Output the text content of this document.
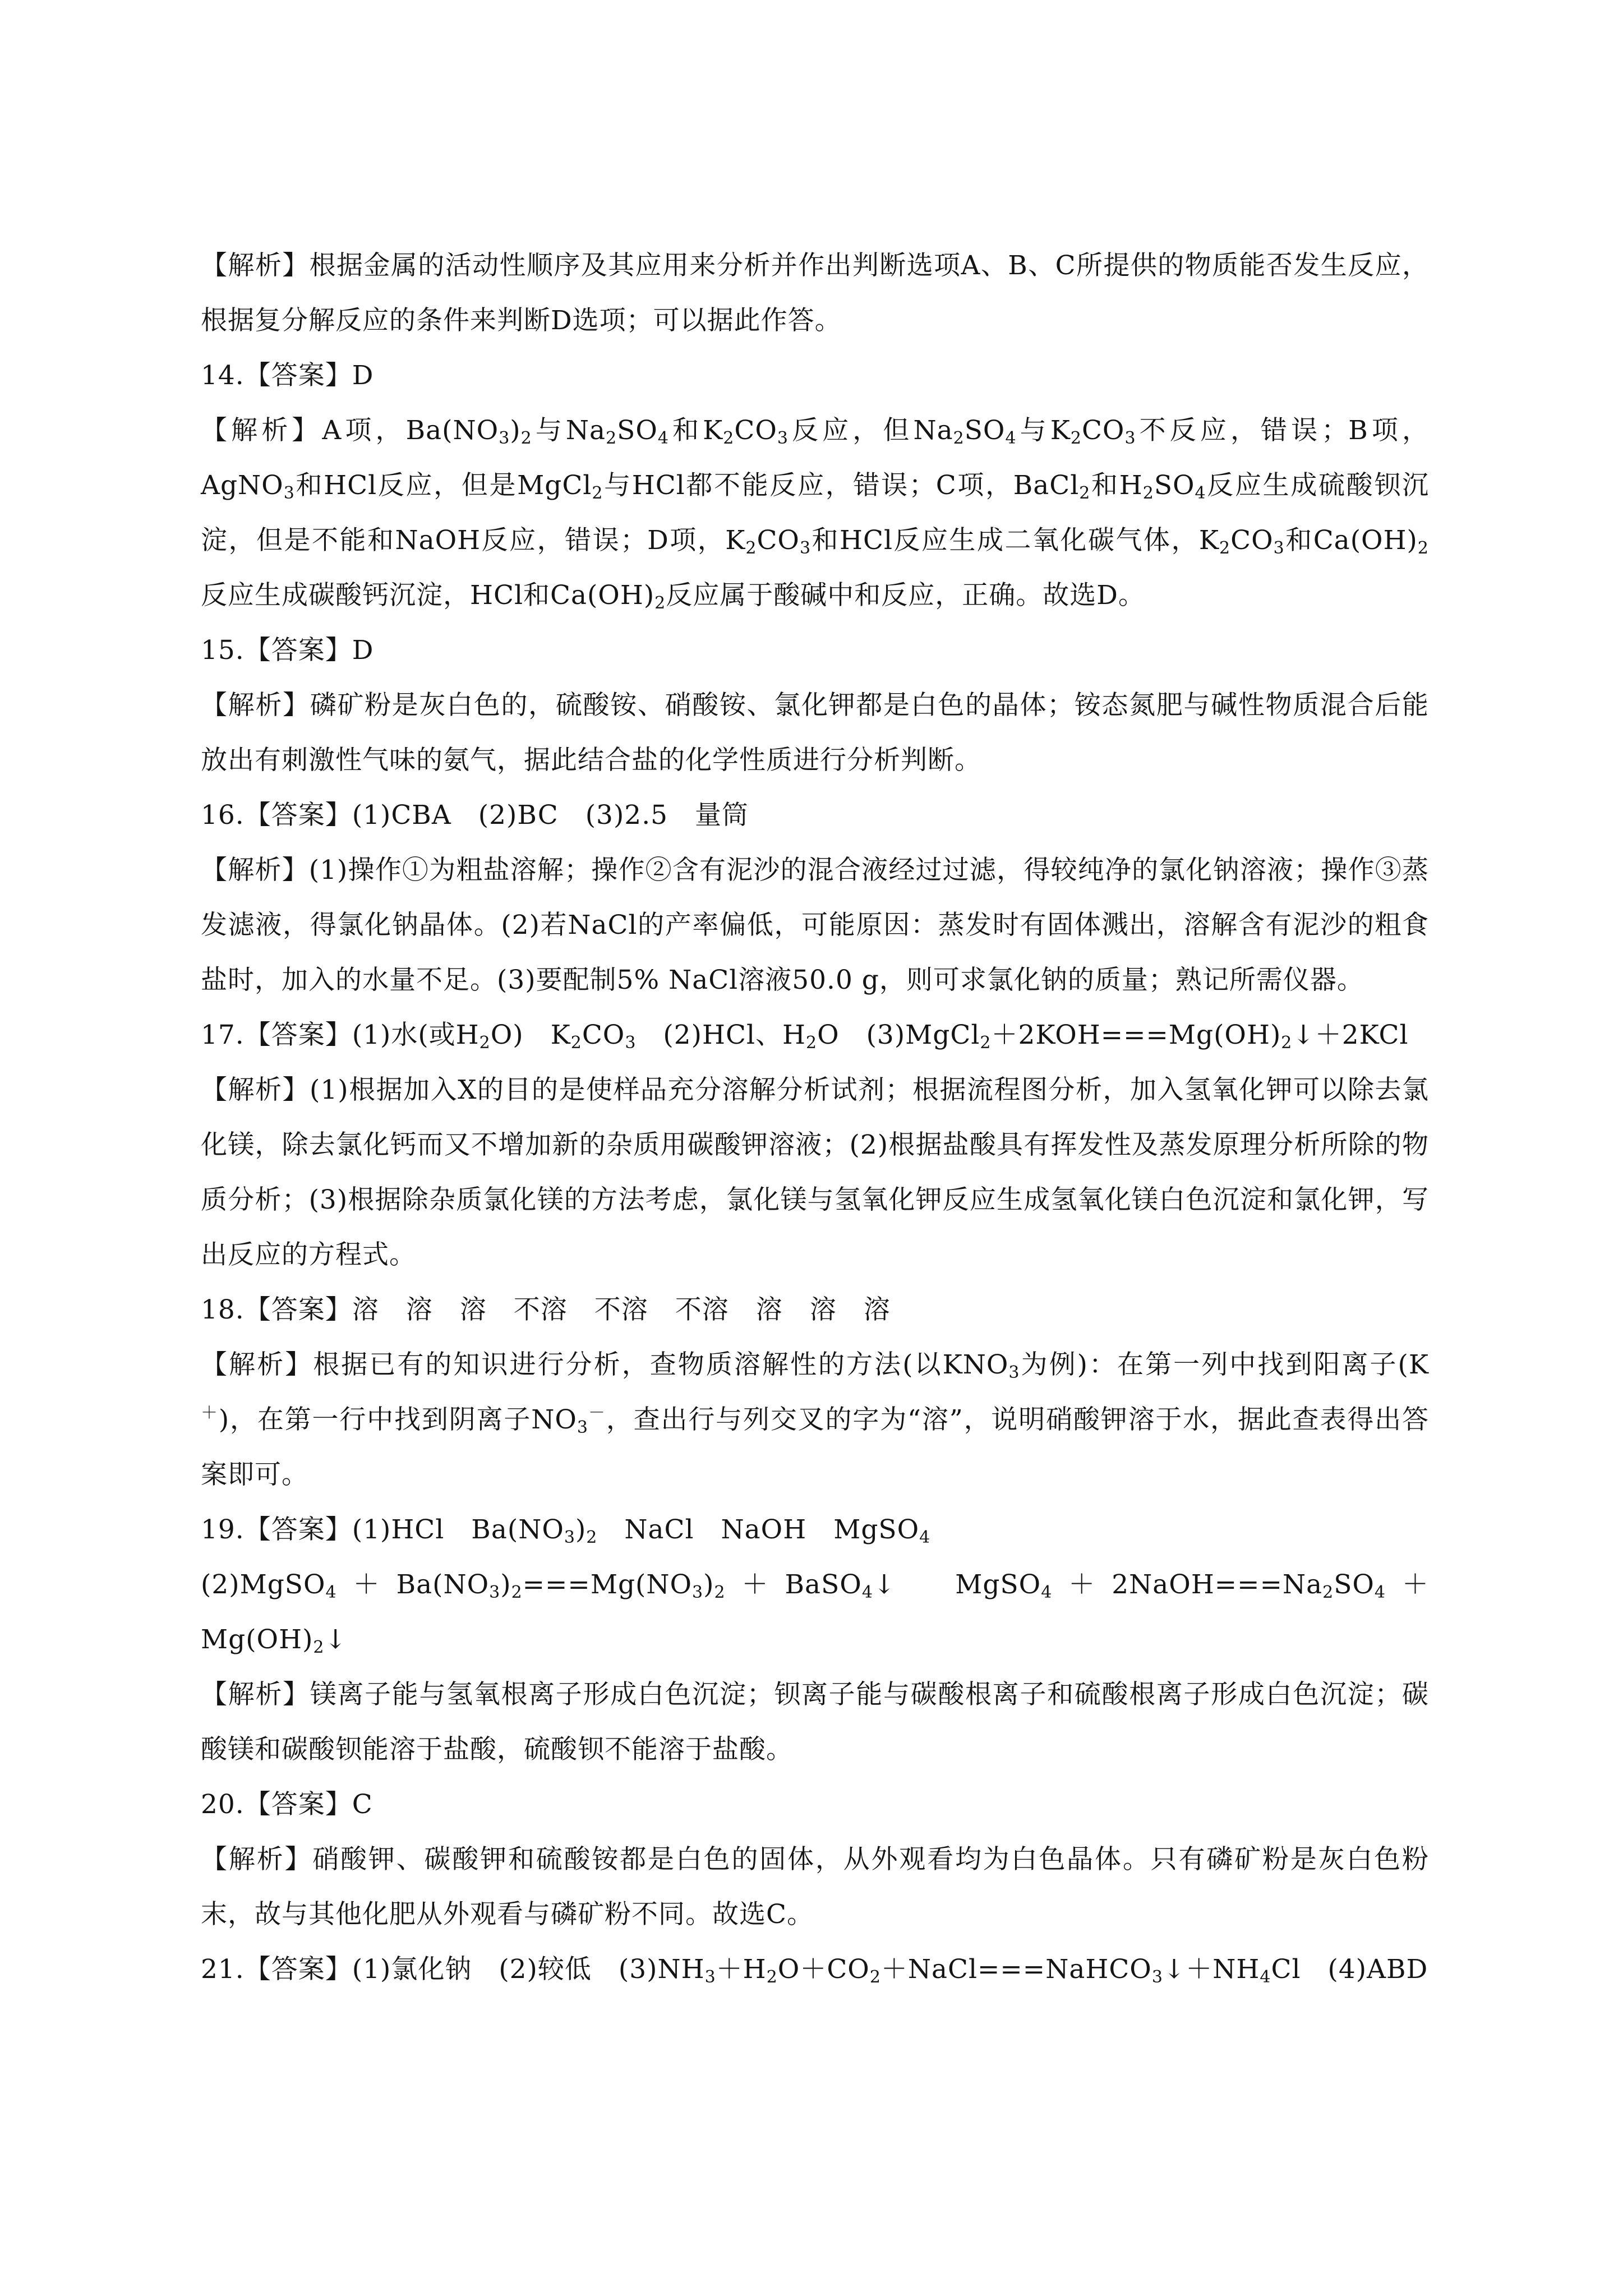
【解析】根据金属的活动性顺序及其应用来分析并作出判断选项A、B、C所提供的物质能否发生反应，根据复分解反应的条件来判断D选项；可以据此作答。

14.【答案】D

【解析】A项，$Ba(NO_3)_2$与$Na_2SO_4$和$K_2CO_3$反应，但$Na_2SO_4$与$K_2CO_3$不反应，错误；B项，AgNO$_3$和HCl反应，但是MgCl$_2$与HCl都不能反应，错误；C项，BaCl$_2$和$H_2SO_4$反应生成硫酸钡沉淀，但是不能和NaOH反应，错误；D项，$K_2CO_3$和HCl反应生成二氧化碳气体，$K_2CO_3$和$Ca(OH)_2$反应生成碳酸钙沉淀，HCl和$Ca(OH)_2$反应属于酸碱中和反应，正确。故选D。

15.【答案】D

【解析】磷矿粉是灰白色的，硫酸铵、硝酸铵、氯化钾都是白色的晶体；铵态氮肥与碱性物质混合后能放出有刺激性气味的氨气，据此结合盐的化学性质进行分析判断。

16.【答案】(1)CBA　(2)BC　(3)2.5　量筒

【解析】(1)操作①为粗盐溶解；操作②含有泥沙的混合液经过过滤，得较纯净的氯化钠溶液；操作③蒸发滤液，得氯化钠晶体。(2)若NaCl的产率偏低，可能原因：蒸发时有固体溅出，溶解含有泥沙的粗食盐时，加入的水量不足。(3)要配制5% NaCl溶液50.0 g，则可求氯化钠的质量；熟记所需仪器。

17.【答案】(1)水(或$H_2O$)　$K_2CO_3$　(2)HCl、$H_2O$　$(3)MgCl_2+2KOH===Mg(OH)_2↓+2KCl$

【解析】(1)根据加入X的目的是使样品充分溶解分析试剂；根据流程图分析，加入氢氧化钾可以除去氯化镁，除去氯化钙而又不增加新的杂质用碳酸钾溶液；(2)根据盐酸具有挥发性及蒸发原理分析所除的物质分析；(3)根据除杂质氯化镁的方法考虑，氯化镁与氢氧化钾反应生成氢氧化镁白色沉淀和氯化钾，写出反应的方程式。

18.【答案】溶　溶　溶　不溶　不溶　不溶　溶　溶　溶

【解析】根据已有的知识进行分析，查物质溶解性的方法(以$KNO_3$为例)：在第一列中找到阳离子(K＋)，在第一行中找到阴离子$NO_3^-$，查出行与列交叉的字为“溶”，说明硝酸钾溶于水，据此查表得出答案即可。

19.【答案】(1)HCl　$Ba(NO_3)_2$　NaCl　NaOH　MgSO$_4$

$(2)MgSO_4+Ba(NO_3)_2===Mg(NO_3)_2+BaSO_4↓$　$MgSO_4+2NaOH===Na_2SO_4+Mg(OH)_2↓$

【解析】镁离子能与氢氧根离子形成白色沉淀；钡离子能与碳酸根离子和硫酸根离子形成白色沉淀；碳酸镁和碳酸钡能溶于盐酸，硫酸钡不能溶于盐酸。

20.【答案】C

【解析】硝酸钾、碳酸钾和硫酸铵都是白色的固体，从外观看均为白色晶体。只有磷矿粉是灰白色粉末，故与其他化肥从外观看与磷矿粉不同。故选C。

21.【答案】(1)氯化钠　(2)较低　$(3)NH_3+H_2O+CO_2+NaCl===NaHCO_3↓+NH_4Cl$　(4)ABD
